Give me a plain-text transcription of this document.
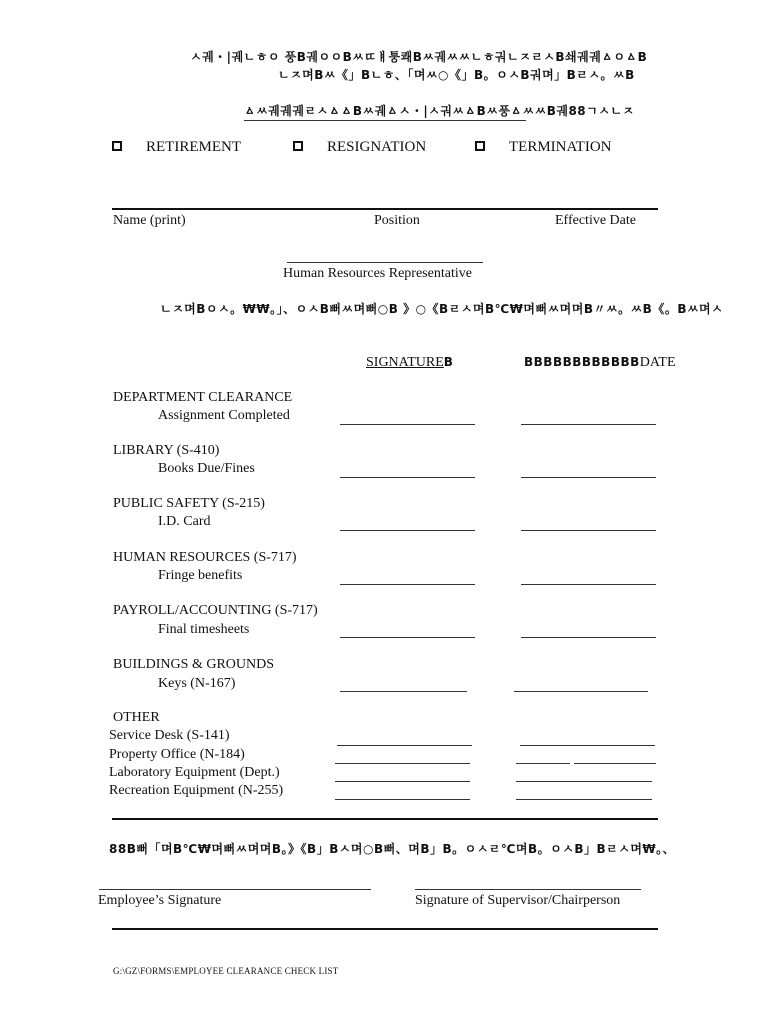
ㅅ궤・|궤ㄴㅎㅇ 풍B궤ㅇㅇBㅆㄸㅒ퉁쾌Bㅆ궤ㅆㅆㄴㅎ궈ㄴㅈㄹㅅB쇄궤궤ㅿㅇㅿB
ㄴㅈ며Bㅆ《」Bㄴㅎ、「며ㅆ○《」B。ㅇㅅB궈며」Bㄹㅅ。ㅆB
ㅿㅆ궤궤궤ㄹㅅㅿㅿBㅆ궤ㅿㅅ・|ㅅ궈ㅆㅿBㅆ풍ㅿㅆㅆB궤88ㄱㅅㄴㅈ
RETIREMENT	RESIGNATION	TERMINATION
Name (print)	Position	Effective Date
Human Resources Representative
ㄴㅈ며Bㅇㅅ。₩₩。」、ㅇㅅB뻐ㅆ며뻐○B 》○《Bㄹㅅ며B℃₩며뻐ㅆ며며B〃ㅆ。ㅆB《。Bㅆ며ㅅ
SIGNATUREB	BBBBBBBBBBBBDATE
DEPARTMENT CLEARANCE
Assignment Completed
LIBRARY (S-410)
Books Due/Fines
PUBLIC SAFETY (S-215)
I.D. Card
HUMAN RESOURCES (S-717)
Fringe benefits
PAYROLL/ACCOUNTING (S-717)
Final timesheets
BUILDINGS & GROUNDS
Keys (N-167)
OTHER
Service Desk (S-141)
Property Office (N-184)
Laboratory Equipment (Dept.)
Recreation Equipment (N-255)
88B뻐「며B℃₩며뻐ㅆ며며B。》《B」Bㅅ며○B뻐、며B」B。ㅇㅅㄹ℃며B。ㅇㅅB」Bㄹㅅ며₩。、
Employee’s Signature	Signature of Supervisor/Chairperson
G:\GZ\FORMS\EMPLOYEE CLEARANCE CHECK LIST
